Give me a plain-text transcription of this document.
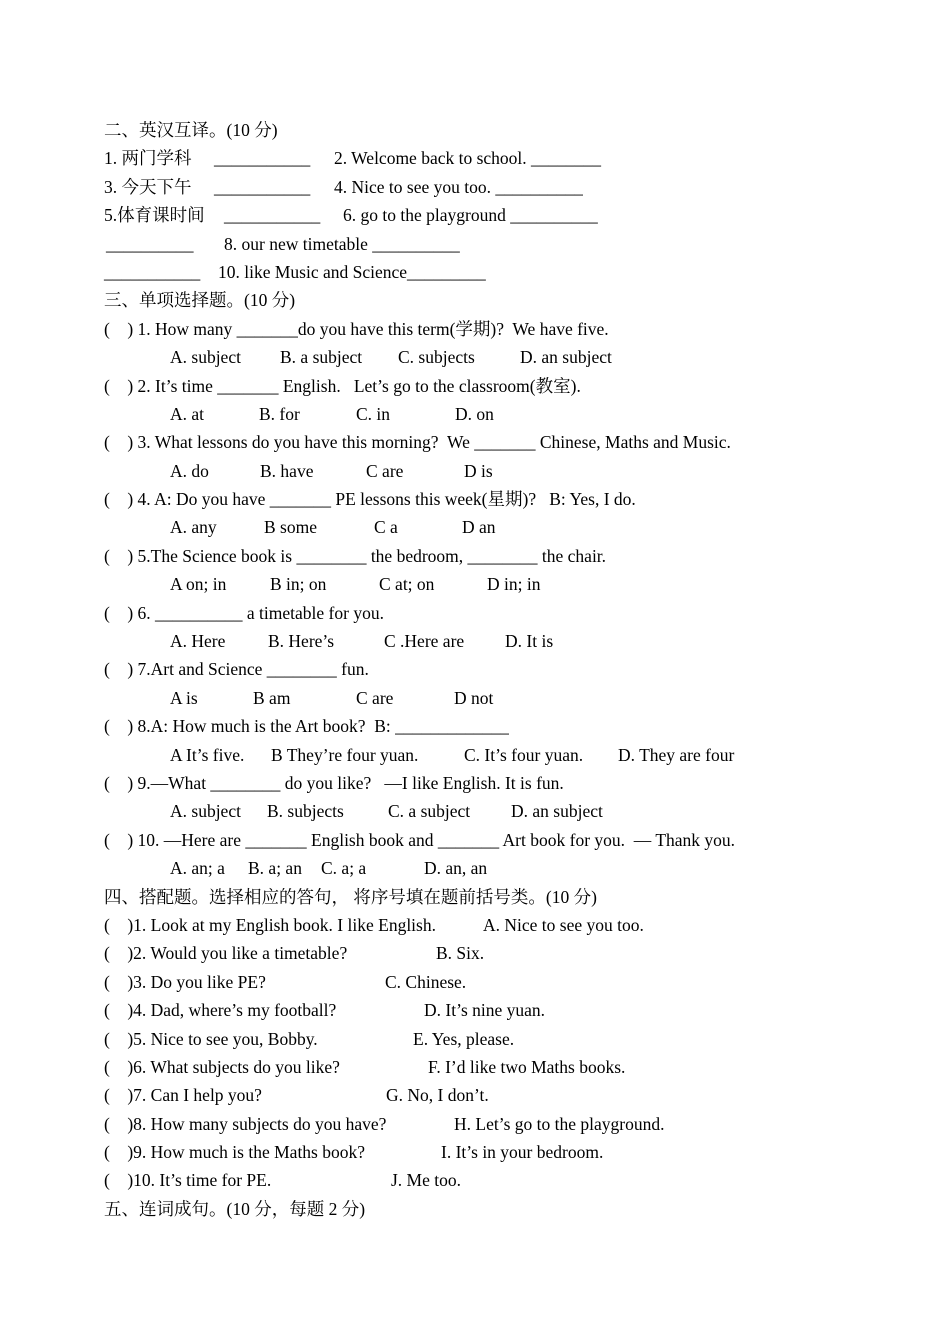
二、英汉互译。(10 分)
1. 两门学科 ___________ 2. Welcome back to school. ________
3. 今天下午 ___________ 4. Nice to see you too. __________
5.体育课时间 ___________ 6. go to the playground __________
__________ 8. our new timetable __________
___________ 10. like Music and Science_________
三、单项选择题。(10 分)
(    ) 1. How many _______do you have this term(学期)?  We have five.
A. subject B. a subject C. subjects	D. an subject
(    ) 2. It’s time _______ English.   Let’s go to the classroom(教室).
A. at	B. for	C. in	D. on
(    ) 3. What lessons do you have this morning?  We _______ Chinese, Maths and Music.
A. do	B. have	C are	D is
(    ) 4. A: Do you have _______ PE lessons this week(星期)?   B: Yes, I do.
A. any	B some	C a	D an
(    ) 5.The Science book is ________ the bedroom, ________ the chair.
A on; in B in; on	C at; on	D in; in
(    ) 6. __________ a timetable for you.
A. Here B. Here’s	C .Here are D. It is
(    ) 7.Art and Science ________ fun.
A is	B am	C are	D not
(    ) 8.A: How much is the Art book?  B: _____________
A It’s five. B They’re four yuan.	C. It’s four yuan. D. They are four
(    ) 9.—What ________ do you like?   —I like English. It is fun.
A. subject B. subjects	C. a subject D. an subject
(    ) 10. —Here are _______ English book and _______ Art book for you.  — Thank you.
A. an; a B. a; an C. a; a	D. an, an
四、搭配题。选择相应的答句， 将序号填在题前括号类。(10 分)
(    )1. Look at my English book. I like English.	A. Nice to see you too.
(    )2. Would you like a timetable?	B. Six.
(    )3. Do you like PE?	C. Chinese.
(    )4. Dad, where’s my football?	D. It’s nine yuan.
(    )5. Nice to see you, Bobby.	E. Yes, please.
(    )6. What subjects do you like?	F. I’d like two Maths books.
(    )7. Can I help you?	G. No, I don’t.
(    )8. How many subjects do you have?	H. Let’s go to the playground.
(    )9. How much is the Maths book?	I. It’s in your bedroom.
(    )10. It’s time for PE.	J. Me too.
五、连词成句。(10 分，每题 2 分)
